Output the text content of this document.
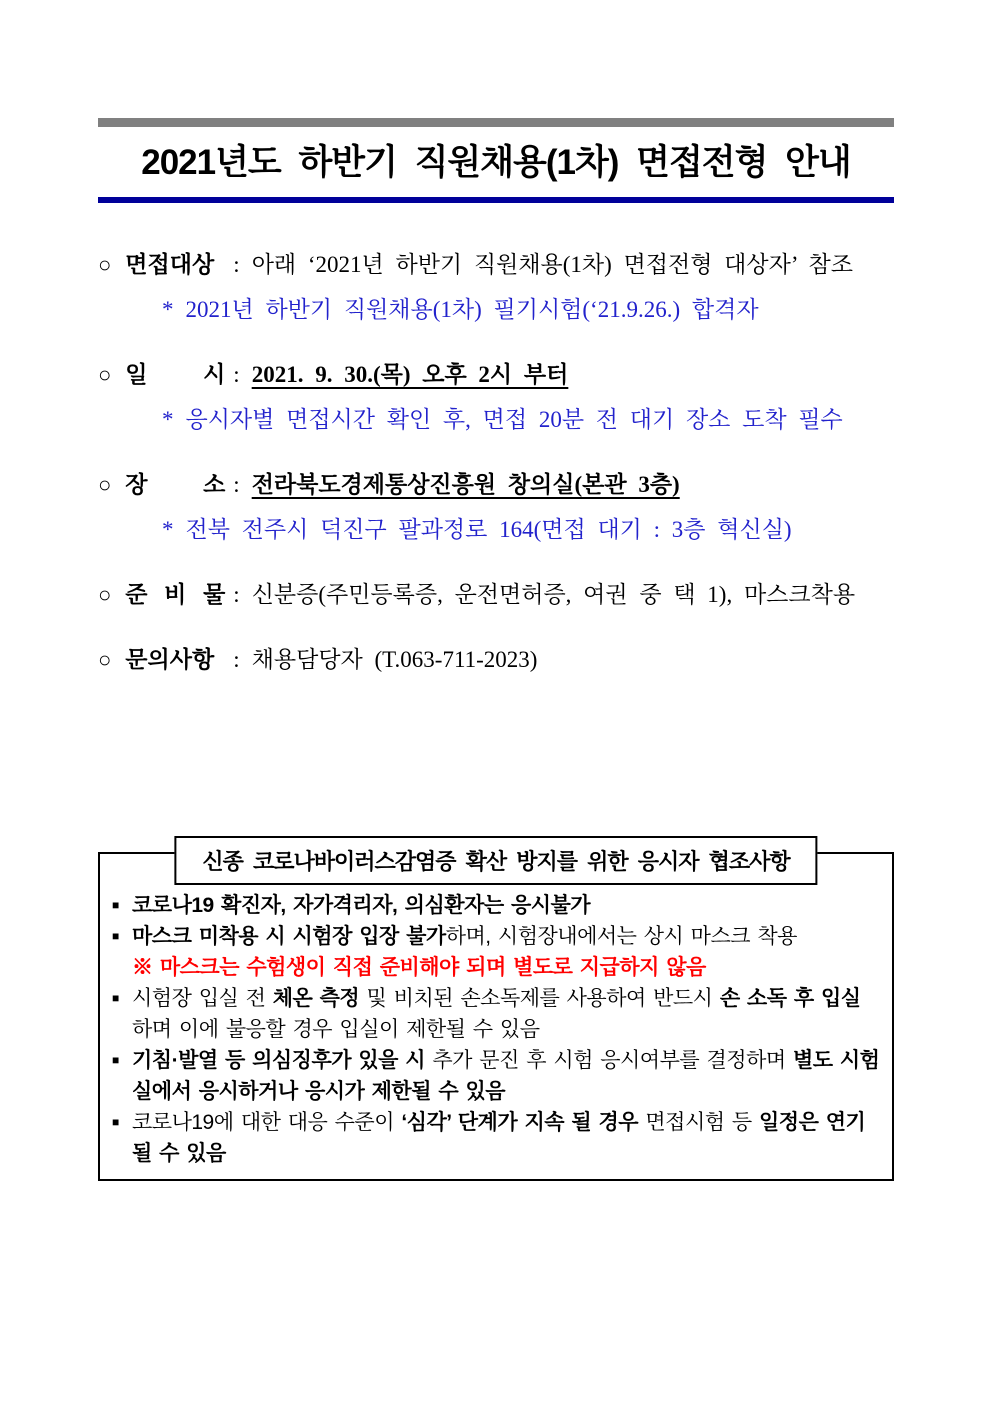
2021년도 하반기 직원채용(1차) 면접전형 안내
○ 면접대상 : 아래 ‘2021년 하반기 직원채용(1차) 면접전형 대상자’ 참조
* 2021년 하반기 직원채용(1차) 필기시험(‘21.9.26.) 합격자
○ 일 시 : 2021. 9. 30.(목) 오후 2시 부터
* 응시자별 면접시간 확인 후, 면접 20분 전 대기 장소 도착 필수
○ 장 소 : 전라북도경제통상진흥원 창의실(본관 3층)
* 전북 전주시 덕진구 팔과정로 164(면접 대기 : 3층 혁신실)
○ 준 비 물 : 신분증(주민등록증, 운전면허증, 여권 중 택 1), 마스크착용
○ 문의사항 : 채용담당자 (T.063-711-2023)
신종 코로나바이러스감염증 확산 방지를 위한 응시자 협조사항
■ 코로나19 확진자, 자가격리자, 의심환자는 응시불가
■ 마스크 미착용 시 시험장 입장 불가하며, 시험장내에서는 상시 마스크 착용
※ 마스크는 수험생이 직접 준비해야 되며 별도로 지급하지 않음
■ 시험장 입실 전 체온 측정 및 비치된 손소독제를 사용하여 반드시 손 소독 후 입실하며 이에 불응할 경우 입실이 제한될 수 있음
■ 기침·발열 등 의심징후가 있을 시 추가 문진 후 시험 응시여부를 결정하며 별도 시험실에서 응시하거나 응시가 제한될 수 있음
■ 코로나19에 대한 대응 수준이 ‘심각’ 단계가 지속 될 경우 면접시험 등 일정은 연기될 수 있음
